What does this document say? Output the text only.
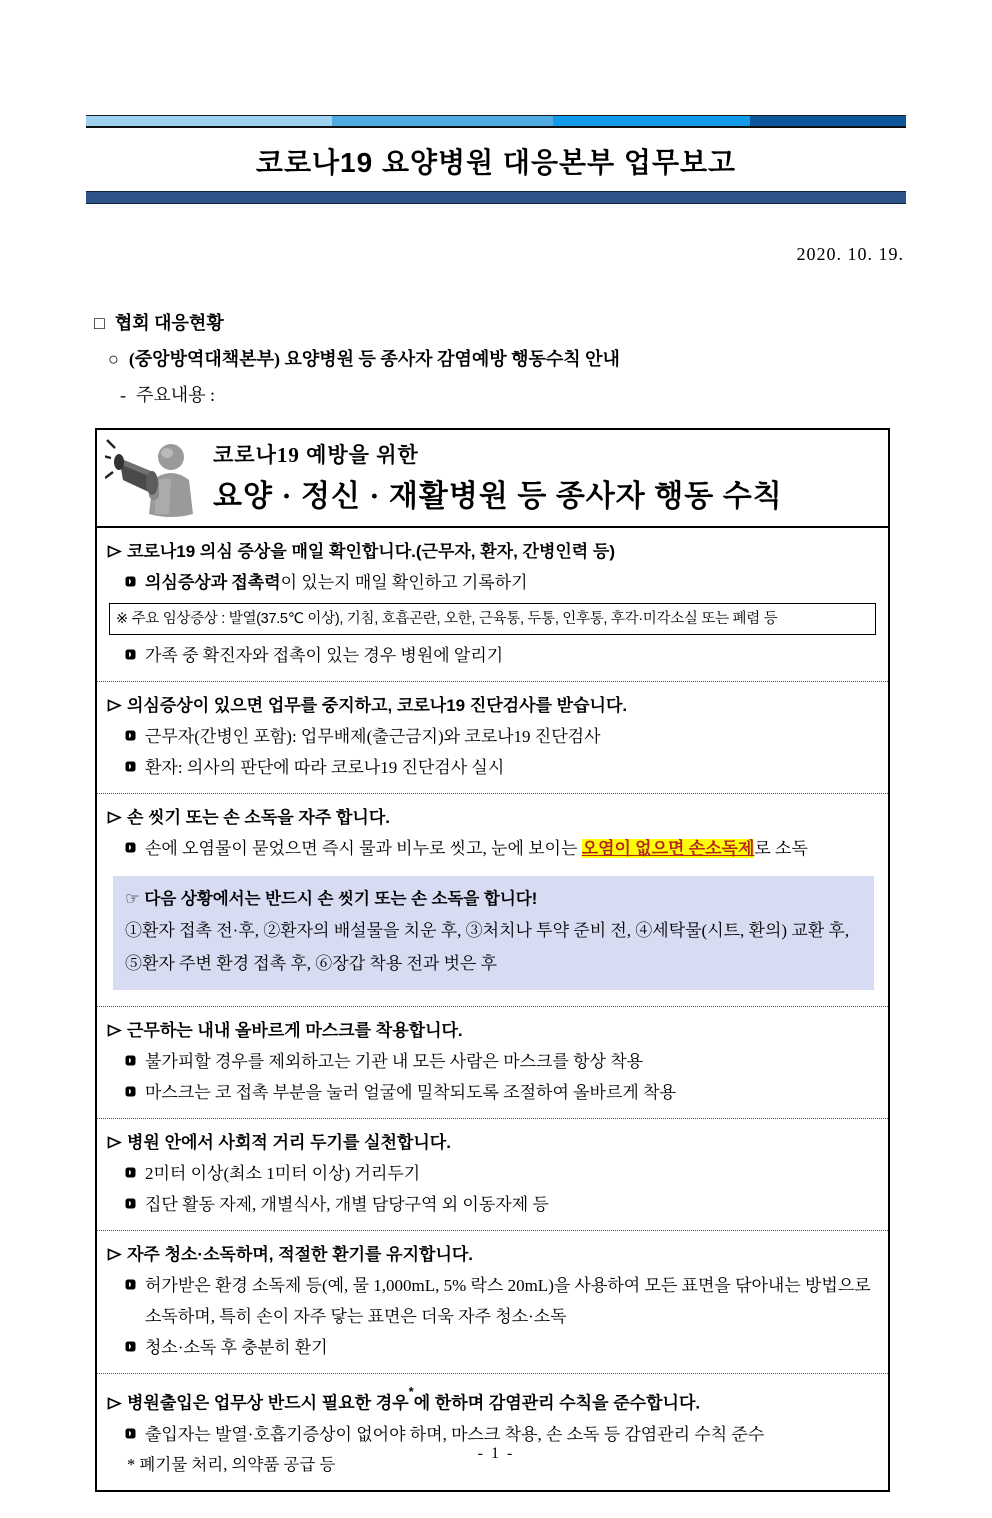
코로나19 요양병원 대응본부 업무보고
2020. 10. 19.
□ 협회 대응현황
○ (중앙방역대책본부) 요양병원 등 종사자 감염예방 행동수칙 안내
- 주요내용 :
코로나19 예방을 위한
요양 · 정신 · 재활병원 등 종사자 행동 수칙
코로나19 의심 증상을 매일 확인합니다.(근무자, 환자, 간병인력 등)
의심증상과 접촉력이 있는지 매일 확인하고 기록하기
※ 주요 임상증상 : 발열(37.5℃ 이상), 기침, 호흡곤란, 오한, 근육통, 두통, 인후통, 후각·미각소실 또는 폐렴 등
가족 중 확진자와 접촉이 있는 경우 병원에 알리기
의심증상이 있으면 업무를 중지하고, 코로나19 진단검사를 받습니다.
근무자(간병인 포함): 업무배제(출근금지)와 코로나19 진단검사
환자: 의사의 판단에 따라 코로나19 진단검사 실시
손 씻기 또는 손 소독을 자주 합니다.
손에 오염물이 묻었으면 즉시 물과 비누로 씻고, 눈에 보이는 오염이 없으면 손소독제로 소독
☞ 다음 상황에서는 반드시 손 씻기 또는 손 소독을 합니다!
①환자 접촉 전·후, ②환자의 배설물을 치운 후, ③처치나 투약 준비 전, ④세탁물(시트, 환의) 교환 후, ⑤환자 주변 환경 접촉 후, ⑥장갑 착용 전과 벗은 후
근무하는 내내 올바르게 마스크를 착용합니다.
불가피할 경우를 제외하고는 기관 내 모든 사람은 마스크를 항상 착용
마스크는 코 접촉 부분을 눌러 얼굴에 밀착되도록 조절하여 올바르게 착용
병원 안에서 사회적 거리 두기를 실천합니다.
2미터 이상(최소 1미터 이상) 거리두기
집단 활동 자제, 개별식사, 개별 담당구역 외 이동자제 등
자주 청소·소독하며, 적절한 환기를 유지합니다.
허가받은 환경 소독제 등(예, 물 1,000mL, 5% 락스 20mL)을 사용하여 모든 표면을 닦아내는 방법으로 소독하며, 특히 손이 자주 닿는 표면은 더욱 자주 청소·소독
청소·소독 후 충분히 환기
병원출입은 업무상 반드시 필요한 경우*에 한하며 감염관리 수칙을 준수합니다.
출입자는 발열·호흡기증상이 없어야 하며, 마스크 착용, 손 소독 등 감염관리 수칙 준수
* 폐기물 처리, 의약품 공급 등
- 1 -
